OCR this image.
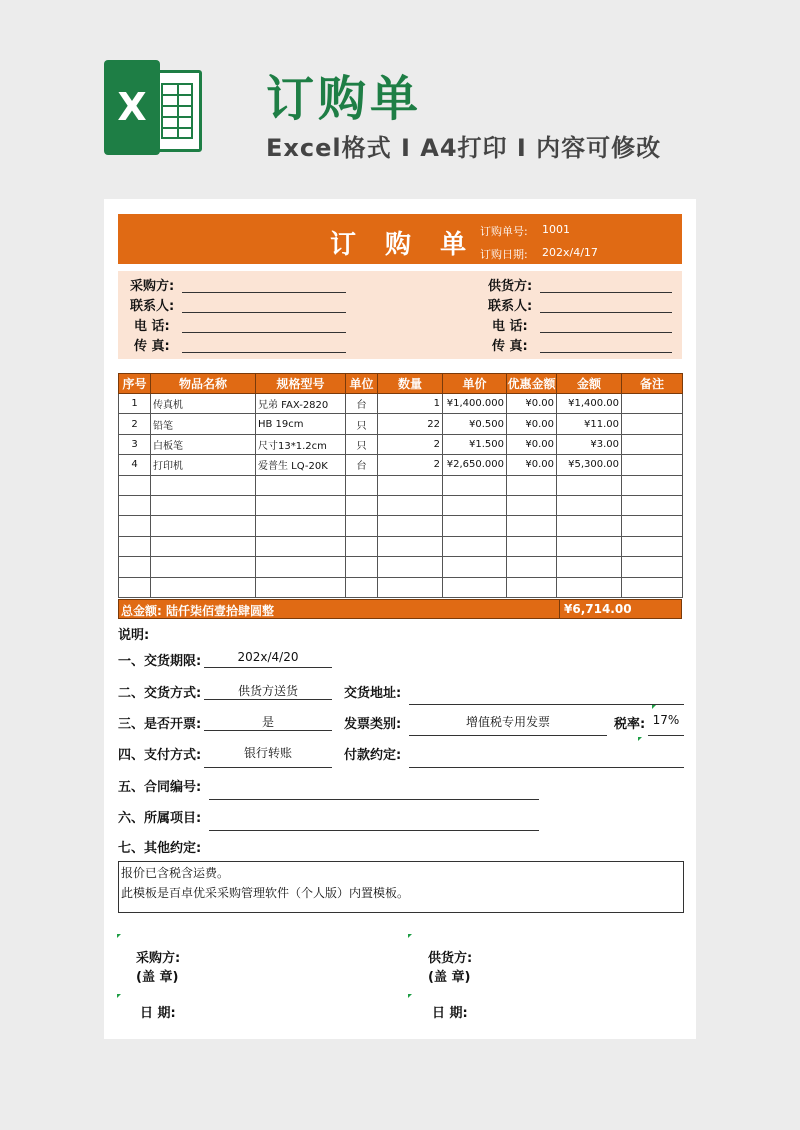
X 订购单
Excel格式 I A4打印 I 内容可修改
订 购 单 订购单号: 1001
订购日期: 202x/4/17
采购方:
联系人:
电 话:
传 真:
供货方:
联系人:
电 话:
传 真:
序号	物品名称	规格型号	单位	数量	单价	优惠金额	金额	备注
1	传真机	兄弟 FAX-2820	台	1	¥1,400.000	¥0.00	¥1,400.00	
2	铅笔	HB 19cm	只	22	¥0.500	¥0.00	¥11.00	
3	白板笔	尺寸13*1.2cm	只	2	¥1.500	¥0.00	¥3.00	
4	打印机	爱普生 LQ-20K	台	2	¥2,650.000	¥0.00	¥5,300.00	

总金额: 陆仟柒佰壹拾肆圆整	¥6,714.00
说明:
一、交货期限:	202x/4/20
二、交货方式:	供货方送货	交货地址:
三、是否开票:	是	发票类别:	增值税专用发票	税率: 17%
四、支付方式:	银行转账	付款约定:
五、合同编号:
六、所属项目:
七、其他约定:
报价已含税含运费。
此模板是百卓优采采购管理软件（个人版）内置模板。
采购方:
(盖 章)
供货方:
(盖 章)
日 期:	日 期:
